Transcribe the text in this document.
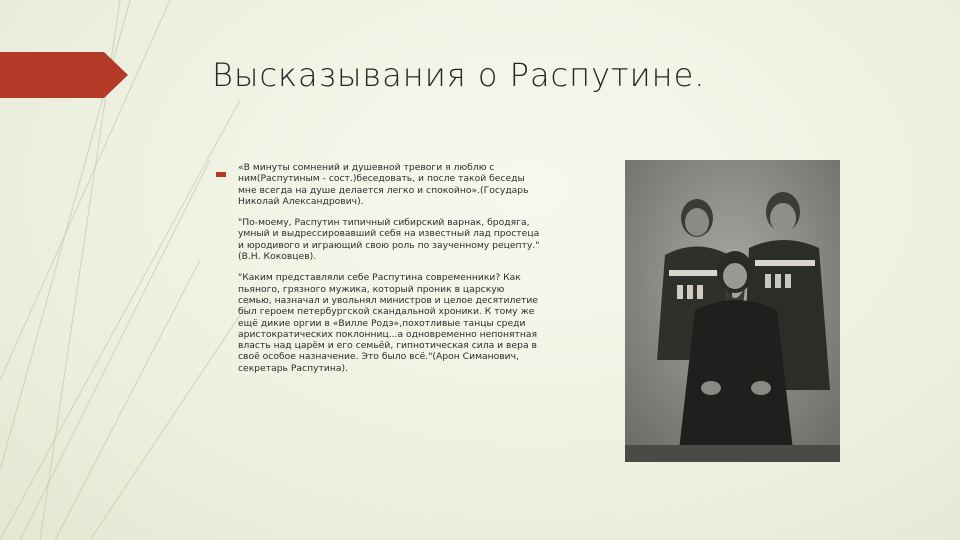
Высказывания о Распутине.

«В минуты сомнений и душевной тревоги я люблю с ним(Распутиным - сост.)беседовать, и после такой беседы мне всегда на душе делается легко и спокойно».(Государь Николай Александрович).

"По-моему, Распутин типичный сибирский варнак, бродяга, умный и выдрессировавший себя на известный лад простеца и юродивого и играющий свою роль по заученному рецепту."(В.Н. Коковцев).

"Каким представляли себе Распутина современники? Как пьяного, грязного мужика, который проник в царскую семью, назначал и увольнял министров и целое десятилетие был героем петербургской скандальной хроники. К тому же ещё дикие оргии в «Вилле Родэ»,похотливые танцы среди аристократических поклонниц...а одновременно непонятная власть над царём и его семьёй, гипнотическая сила и вера в своё особое назначение. Это было всё."(Арон Симанович, секретарь Распутина).
